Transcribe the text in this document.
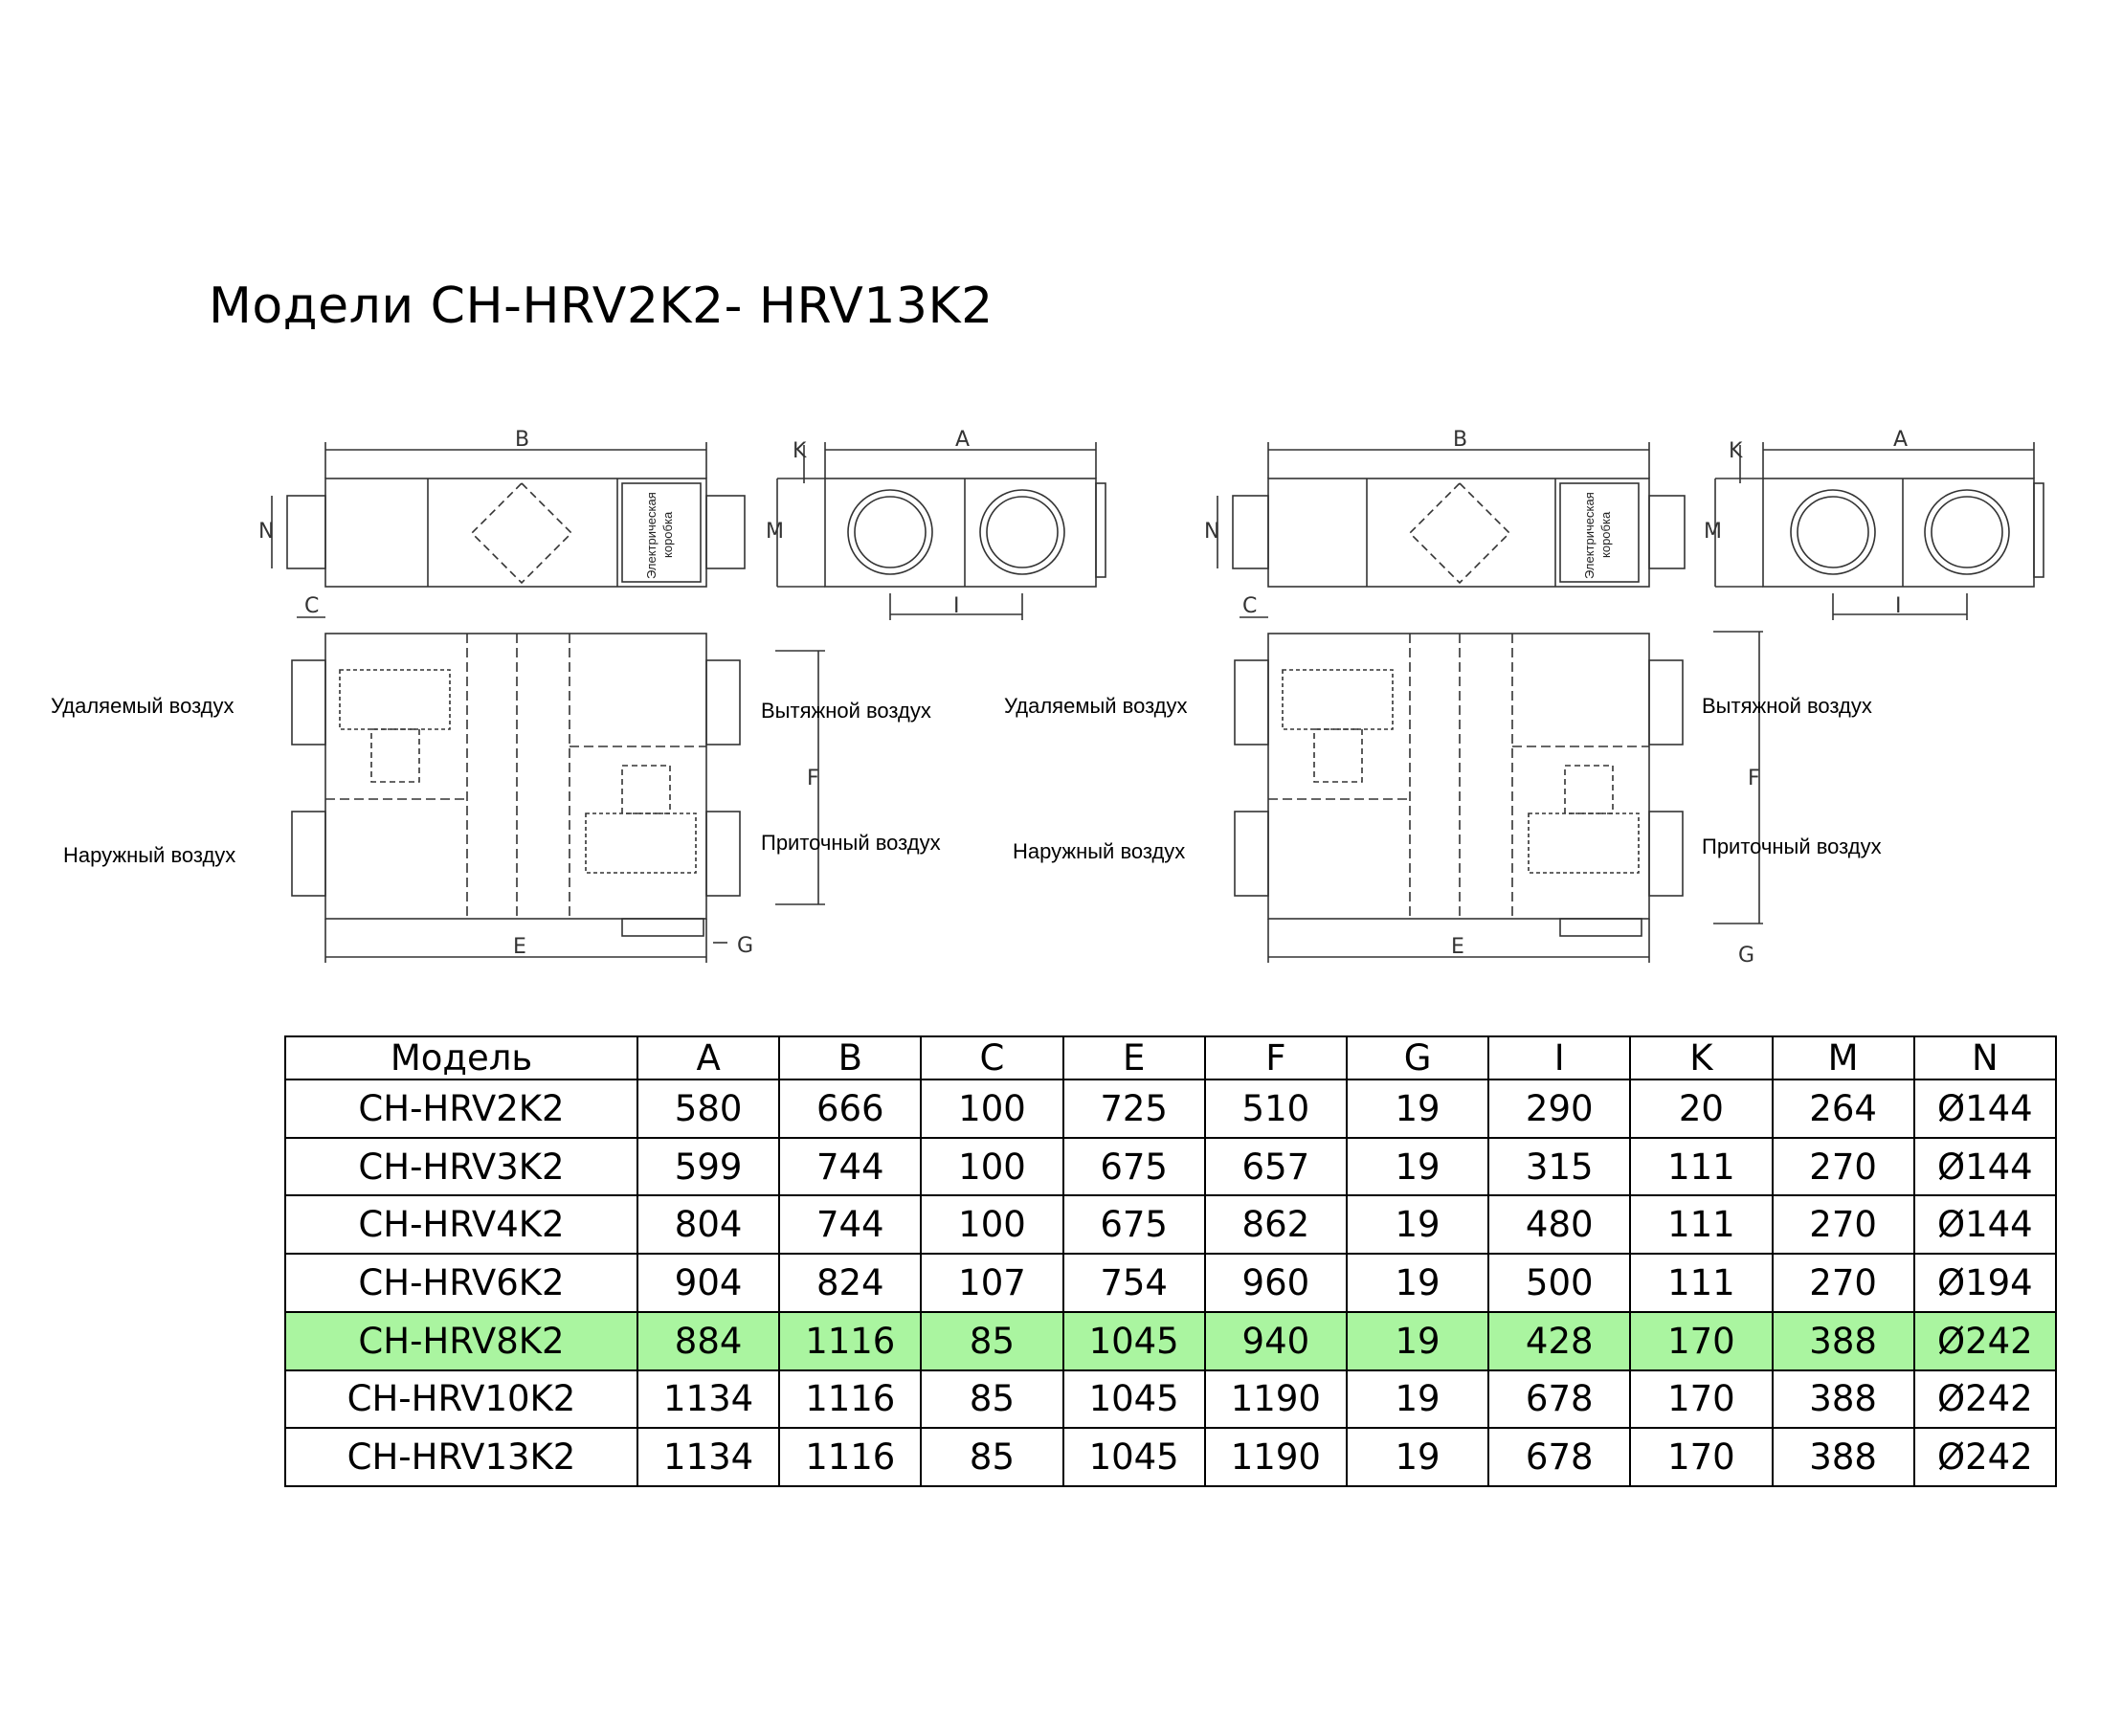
Модели CH-HRV2K2- HRV13K2
B	A
N	M
K
I
C
E
F
G
B	A
N	M
K
I
C
E
F
G
Электрическая коробка	Электрическая коробка
Удаляемый воздух
Наружный воздух
Вытяжной воздух
Приточный воздух
Удаляемый воздух
Наружный воздух
Вытяжной воздух
Приточный воздух
Модель	A	B	C	E	F	G	I	K	M	N
CH-HRV2K2	580	666	100	725	510	19	290	20	264	Ø144
CH-HRV3K2	599	744	100	675	657	19	315	111	270	Ø144
CH-HRV4K2	804	744	100	675	862	19	480	111	270	Ø144
CH-HRV6K2	904	824	107	754	960	19	500	111	270	Ø194
CH-HRV8K2	884	1116	85	1045	940	19	428	170	388	Ø242
CH-HRV10K2	1134	1116	85	1045	1190	19	678	170	388	Ø242
CH-HRV13K2	1134	1116	85	1045	1190	19	678	170	388	Ø242
